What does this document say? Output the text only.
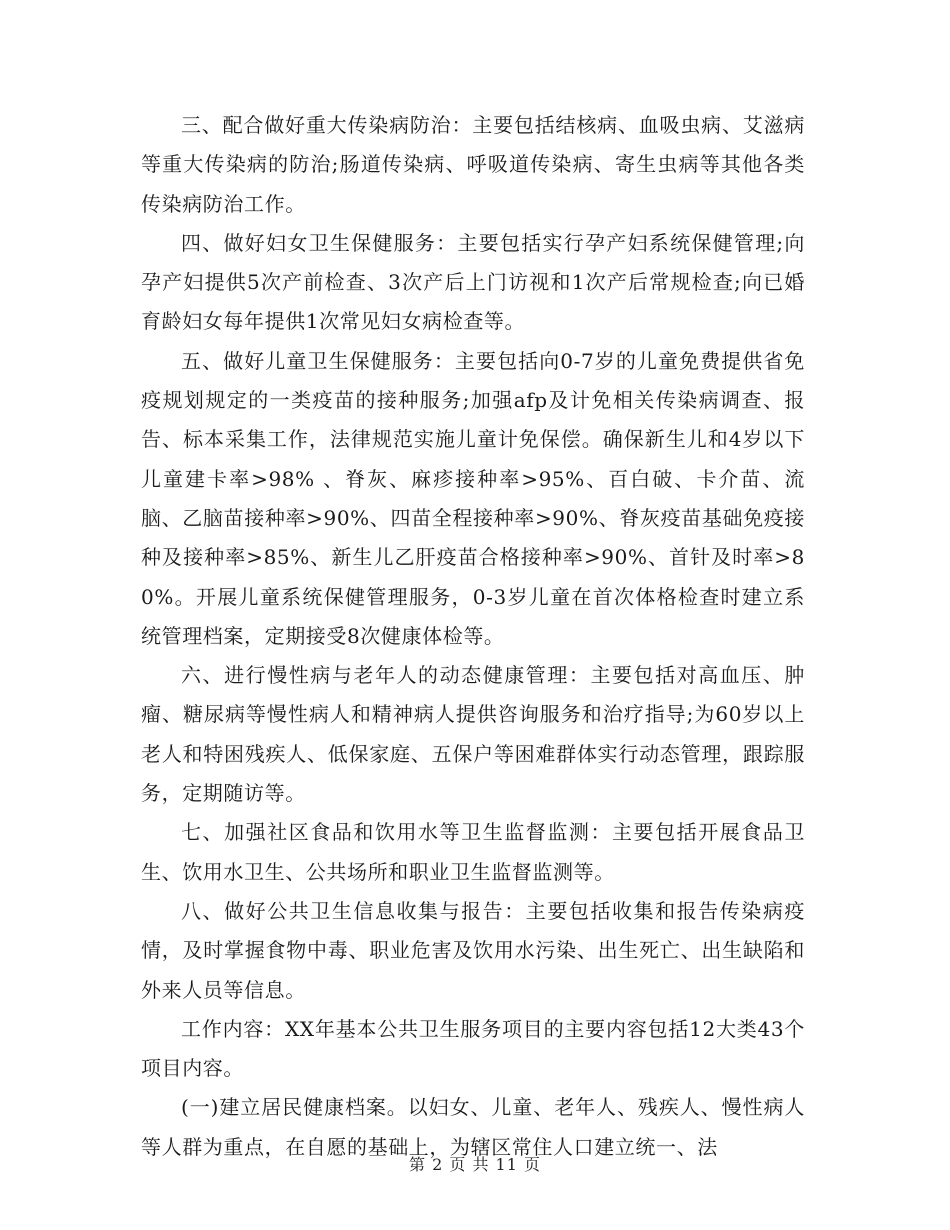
三、配合做好重大传染病防治：主要包括结核病、血吸虫病、艾滋病等重大传染病的防治;肠道传染病、呼吸道传染病、寄生虫病等其他各类传染病防治工作。

四、做好妇女卫生保健服务：主要包括实行孕产妇系统保健管理;向孕产妇提供5次产前检查、3次产后上门访视和1次产后常规检查;向已婚育龄妇女每年提供1次常见妇女病检查等。

五、做好儿童卫生保健服务：主要包括向0-7岁的儿童免费提供省免疫规划规定的一类疫苗的接种服务;加强afp及计免相关传染病调查、报告、标本采集工作，法律规范实施儿童计免保偿。确保新生儿和4岁以下儿童建卡率>98% 、脊灰、麻疹接种率>95%、百白破、卡介苗、流脑、乙脑苗接种率>90%、四苗全程接种率>90%、脊灰疫苗基础免疫接种及接种率>85%、新生儿乙肝疫苗合格接种率>90%、首针及时率>80%。开展儿童系统保健管理服务，0-3岁儿童在首次体格检查时建立系统管理档案，定期接受8次健康体检等。

六、进行慢性病与老年人的动态健康管理：主要包括对高血压、肿瘤、糖尿病等慢性病人和精神病人提供咨询服务和治疗指导;为60岁以上老人和特困残疾人、低保家庭、五保户等困难群体实行动态管理，跟踪服务，定期随访等。

七、加强社区食品和饮用水等卫生监督监测：主要包括开展食品卫生、饮用水卫生、公共场所和职业卫生监督监测等。

八、做好公共卫生信息收集与报告：主要包括收集和报告传染病疫情，及时掌握食物中毒、职业危害及饮用水污染、出生死亡、出生缺陷和外来人员等信息。

工作内容：XX年基本公共卫生服务项目的主要内容包括12大类43个项目内容。

(一)建立居民健康档案。以妇女、儿童、老年人、残疾人、慢性病人等人群为重点，在自愿的基础上，为辖区常住人口建立统一、法

第 2 页 共 11 页
